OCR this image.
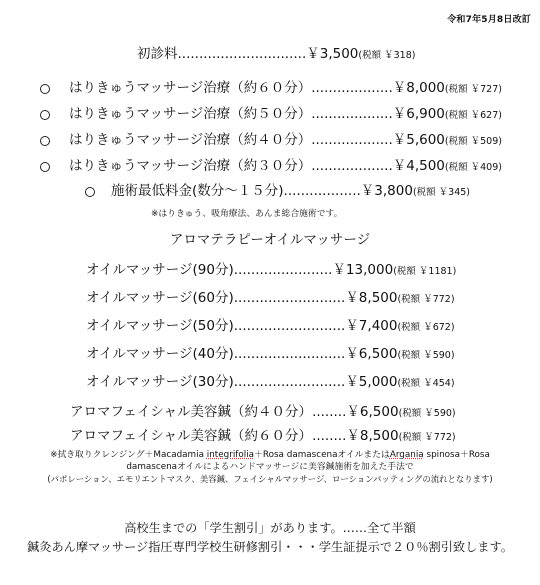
令和7年5月8日改訂
初診料..............................￥3,500(税額 ￥318)
はりきゅうマッサージ治療（約６０分）...................￥8,000(税額 ￥727)
はりきゅうマッサージ治療（約５０分）...................￥6,900(税額 ￥627)
はりきゅうマッサージ治療（約４０分）...................￥5,600(税額 ￥509)
はりきゅうマッサージ治療（約３０分）...................￥4,500(税額 ￥409)
施術最低料金(数分～１５分)..................￥3,800(税額 ￥345)
※はりきゅう、吸角療法、あんま総合施術です。
アロマテラピーオイルマッサージ
オイルマッサージ(90分).......................￥13,000(税額 ￥1181)
オイルマッサージ(60分)..........................￥8,500(税額 ￥772)
オイルマッサージ(50分)..........................￥7,400(税額 ￥672)
オイルマッサージ(40分)..........................￥6,500(税額 ￥590)
オイルマッサージ(30分)..........................￥5,000(税額 ￥454)
アロマフェイシャル美容鍼（約４０分）........￥6,500(税額 ￥590)
アロマフェイシャル美容鍼（約６０分）........￥8,500(税額 ￥772)
※拭き取りクレンジング＋Macadamia integrifolia＋Rosa damascenaオイルまたはArgania spinosa＋Rosa
damascenaオイルによるハンドマッサージに美容鍼施術を加えた手法で
(パポレーション、エモリエントマスク、美容鍼、フェイシャルマッサージ、ローションパッティングの流れとなります)
高校生までの「学生割引」があります。……全て半額
鍼灸あん摩マッサージ指圧専門学校生研修割引・・・学生証提示で２０％割引致します。
